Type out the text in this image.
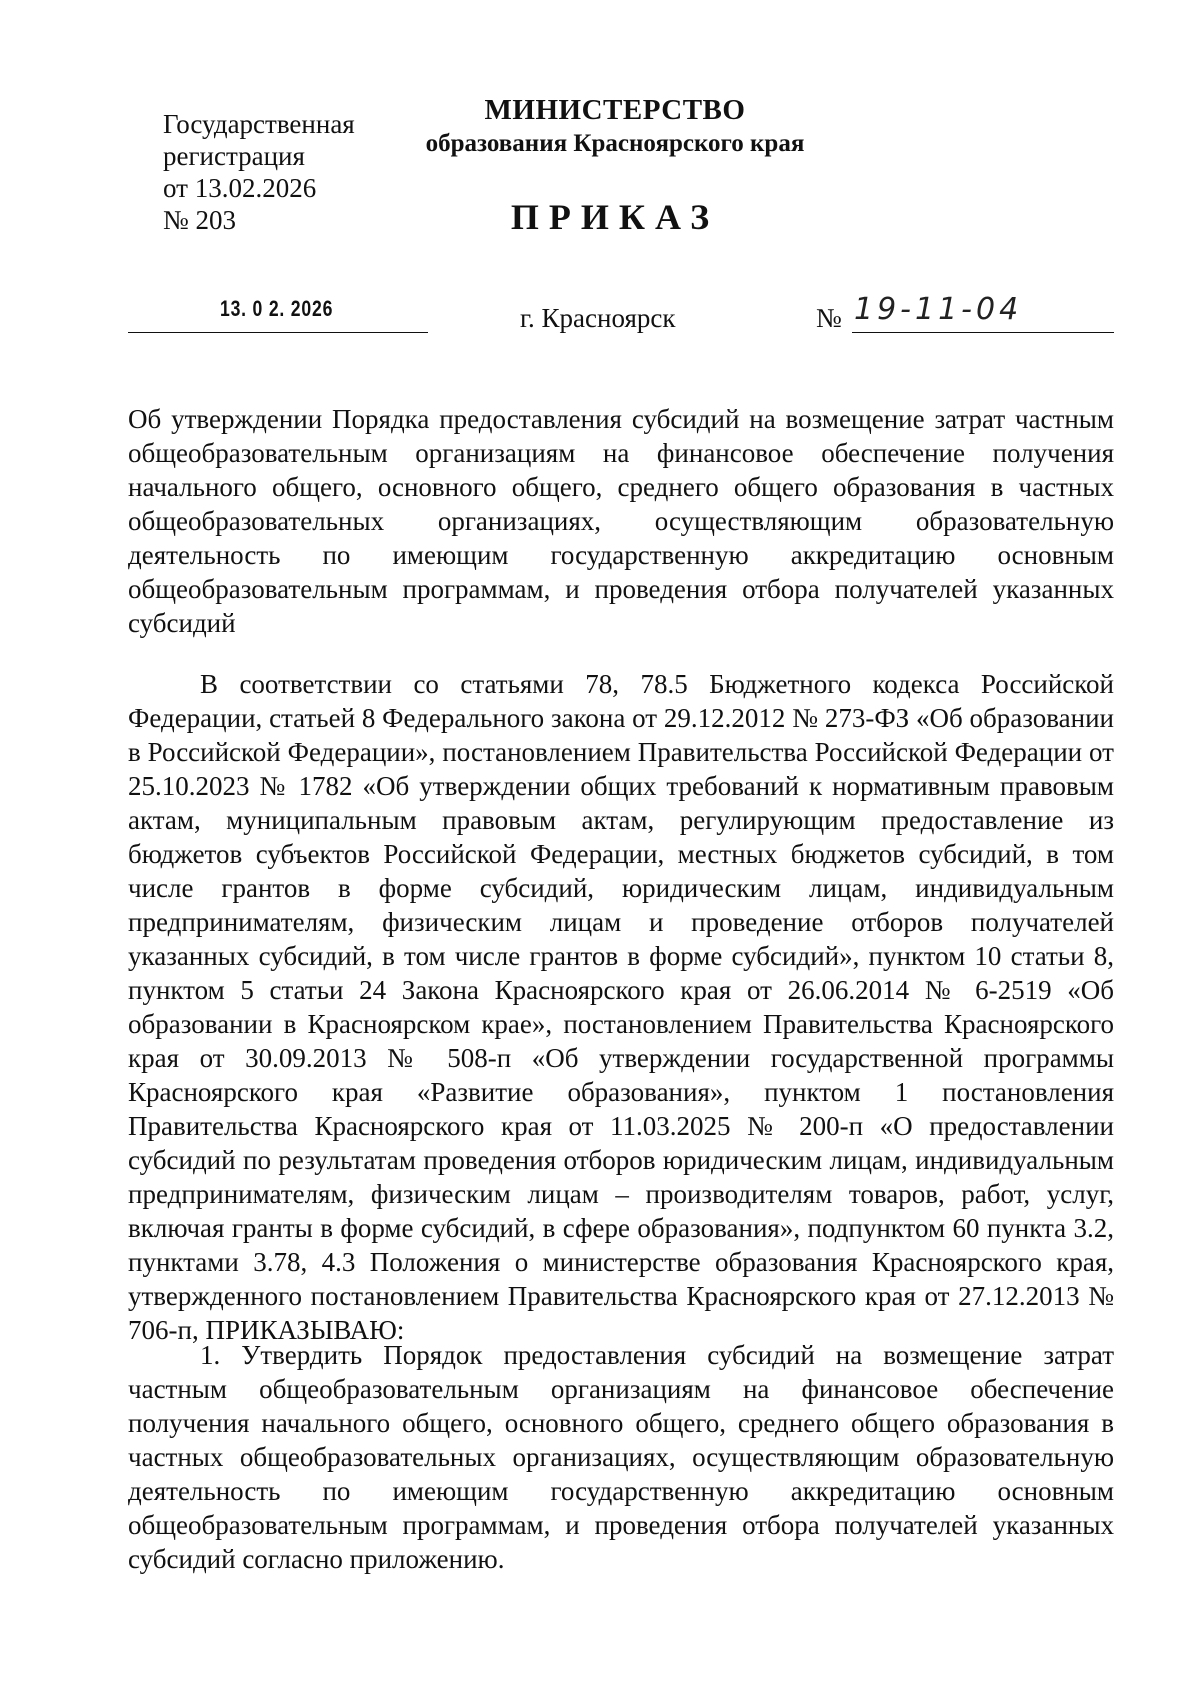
Государственная
регистрация
от 13.02.2026
№ 203
МИНИСТЕРСТВО
образования Красноярского края
ПРИКАЗ
13. 0 2. 2026	г. Красноярск	№ 19-11-04
Об утверждении Порядка предоставления субсидий на возмещение затрат частным общеобразовательным организациям на финансовое обеспечение получения начального общего, основного общего, среднего общего образования в частных общеобразовательных организациях, осуществляющим образовательную деятельность по имеющим государственную аккредитацию основным общеобразовательным программам, и проведения отбора получателей указанных субсидий
В соответствии со статьями 78, 78.5 Бюджетного кодекса Российской Федерации, статьей 8 Федерального закона от 29.12.2012 № 273-ФЗ «Об образовании в Российской Федерации», постановлением Правительства Российской Федерации от 25.10.2023 № 1782 «Об утверждении общих требований к нормативным правовым актам, муниципальным правовым актам, регулирующим предоставление из бюджетов субъектов Российской Федерации, местных бюджетов субсидий, в том числе грантов в форме субсидий, юридическим лицам, индивидуальным предпринимателям, физическим лицам и проведение отборов получателей указанных субсидий, в том числе грантов в форме субсидий», пунктом 10 статьи 8, пунктом 5 статьи 24 Закона Красноярского края от 26.06.2014 № 6-2519 «Об образовании в Красноярском крае», постановлением Правительства Красноярского края от 30.09.2013 № 508-п «Об утверждении государственной программы Красноярского края «Развитие образования», пунктом 1 постановления Правительства Красноярского края от 11.03.2025 № 200-п «О предоставлении субсидий по результатам проведения отборов юридическим лицам, индивидуальным предпринимателям, физическим лицам – производителям товаров, работ, услуг, включая гранты в форме субсидий, в сфере образования», подпунктом 60 пункта 3.2, пунктами 3.78, 4.3 Положения о министерстве образования Красноярского края, утвержденного постановлением Правительства Красноярского края от 27.12.2013 № 706-п, ПРИКАЗЫВАЮ:
1. Утвердить Порядок предоставления субсидий на возмещение затрат частным общеобразовательным организациям на финансовое обеспечение получения начального общего, основного общего, среднего общего образования в частных общеобразовательных организациях, осуществляющим образовательную деятельность по имеющим государственную аккредитацию основным общеобразовательным программам, и проведения отбора получателей указанных субсидий согласно приложению.
